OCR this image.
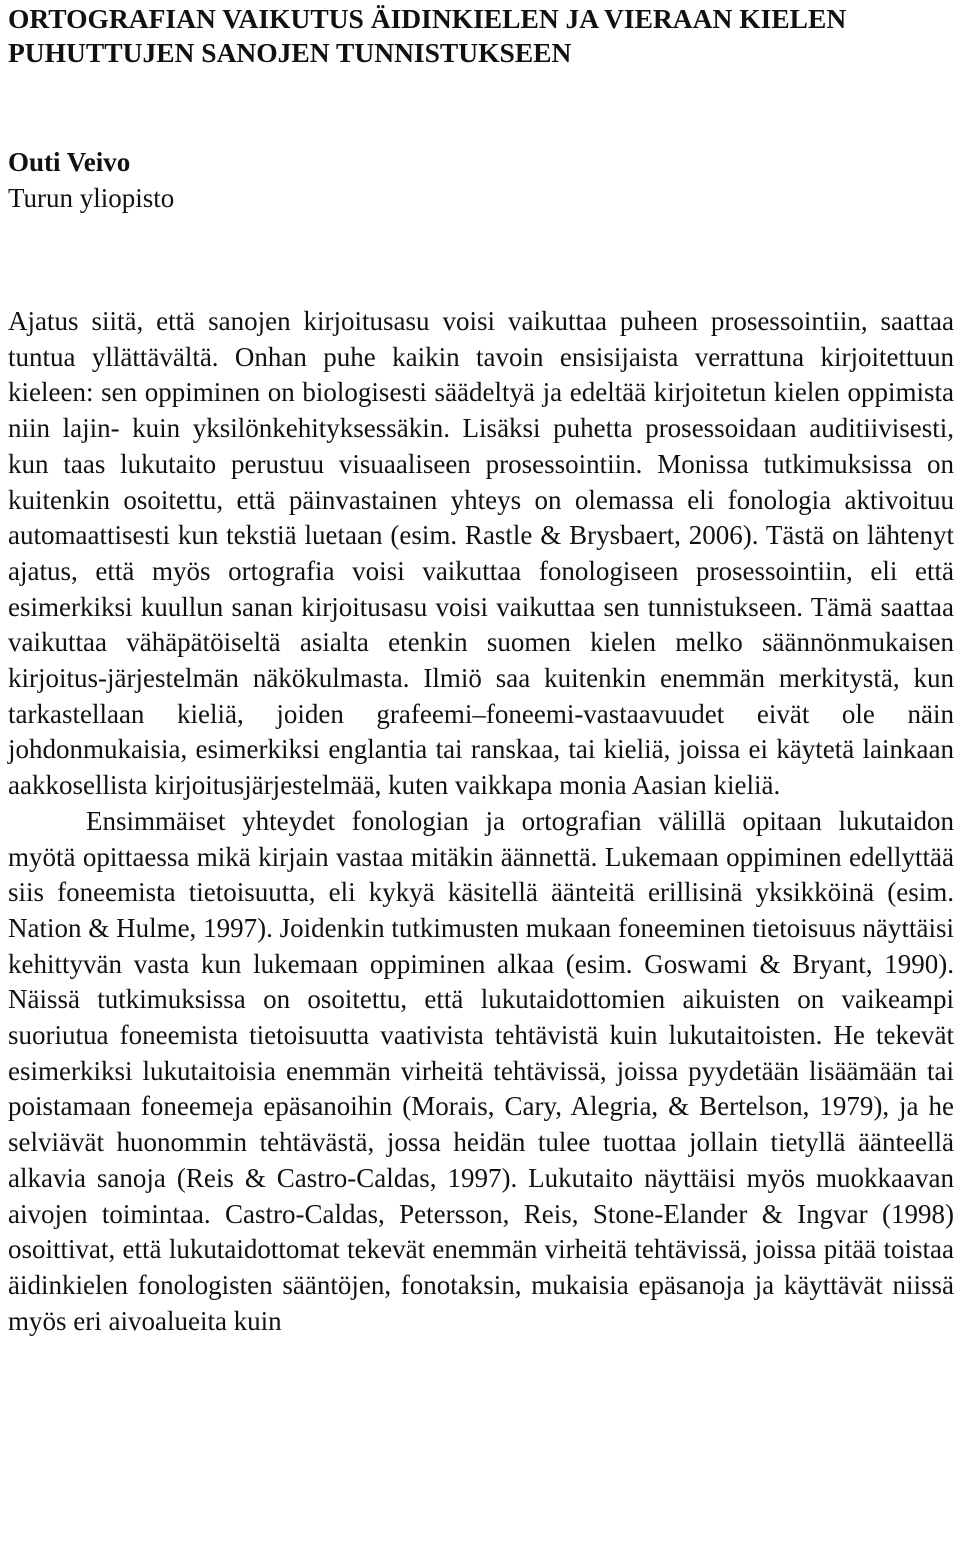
ORTOGRAFIAN VAIKUTUS ÄIDINKIELEN JA VIERAAN KIELEN PUHUTTUJEN SANOJEN TUNNISTUKSEEN
Outi Veivo
Turun yliopisto

Ajatus siitä, että sanojen kirjoitusasu voisi vaikuttaa puheen prosessointiin, saattaa tuntua yllättävältä. Onhan puhe kaikin tavoin ensisijaista verrattuna kirjoitettuun kieleen: sen oppiminen on biologisesti säädeltyä ja edeltää kirjoitetun kielen oppimista niin lajin- kuin yksilönkehityksessäkin. Lisäksi puhetta prosessoidaan auditiivisesti, kun taas lukutaito perustuu visuaaliseen prosessointiin. Monissa tutkimuksissa on kuitenkin osoitettu, että päinvastainen yhteys on olemassa eli fonologia aktivoituu automaattisesti kun tekstiä luetaan (esim. Rastle & Brysbaert, 2006). Tästä on lähtenyt ajatus, että myös ortografia voisi vaikuttaa fonologiseen prosessointiin, eli että esimerkiksi kuullun sanan kirjoitusasu voisi vaikuttaa sen tunnistukseen. Tämä saattaa vaikuttaa vähäpätöiseltä asialta etenkin suomen kielen melko säännönmukaisen kirjoitus-järjestelmän näkökulmasta. Ilmiö saa kuitenkin enemmän merkitystä, kun tarkastellaan kieliä, joiden grafeemi–foneemi-vastaavuudet eivät ole näin johdonmukaisia, esimerkiksi englantia tai ranskaa, tai kieliä, joissa ei käytetä lainkaan aakkosellista kirjoitusjärjestelmää, kuten vaikkapa monia Aasian kieliä.

Ensimmäiset yhteydet fonologian ja ortografian välillä opitaan lukutaidon myötä opittaessa mikä kirjain vastaa mitäkin äännettä. Lukemaan oppiminen edellyttää siis foneemista tietoisuutta, eli kykyä käsitellä äänteitä erillisinä yksikköinä (esim. Nation & Hulme, 1997). Joidenkin tutkimusten mukaan foneeminen tietoisuus näyttäisi kehittyvän vasta kun lukemaan oppiminen alkaa (esim. Goswami & Bryant, 1990). Näissä tutkimuksissa on osoitettu, että lukutaidottomien aikuisten on vaikeampi suoriutua foneemista tietoisuutta vaativista tehtävistä kuin lukutaitoisten. He tekevät esimerkiksi lukutaitoisia enemmän virheitä tehtävissä, joissa pyydetään lisäämään tai poistamaan foneemeja epäsanoihin (Morais, Cary, Alegria, & Bertelson, 1979), ja he selviävät huonommin tehtävästä, jossa heidän tulee tuottaa jollain tietyllä äänteellä alkavia sanoja (Reis & Castro-Caldas, 1997). Lukutaito näyttäisi myös muokkaavan aivojen toimintaa. Castro-Caldas, Petersson, Reis, Stone-Elander & Ingvar (1998) osoittivat, että lukutaidottomat tekevät enemmän virheitä tehtävissä, joissa pitää toistaa äidinkielen fonologisten sääntöjen, fonotaksin, mukaisia epäsanoja ja käyttävät niissä myös eri aivoalueita kuin
